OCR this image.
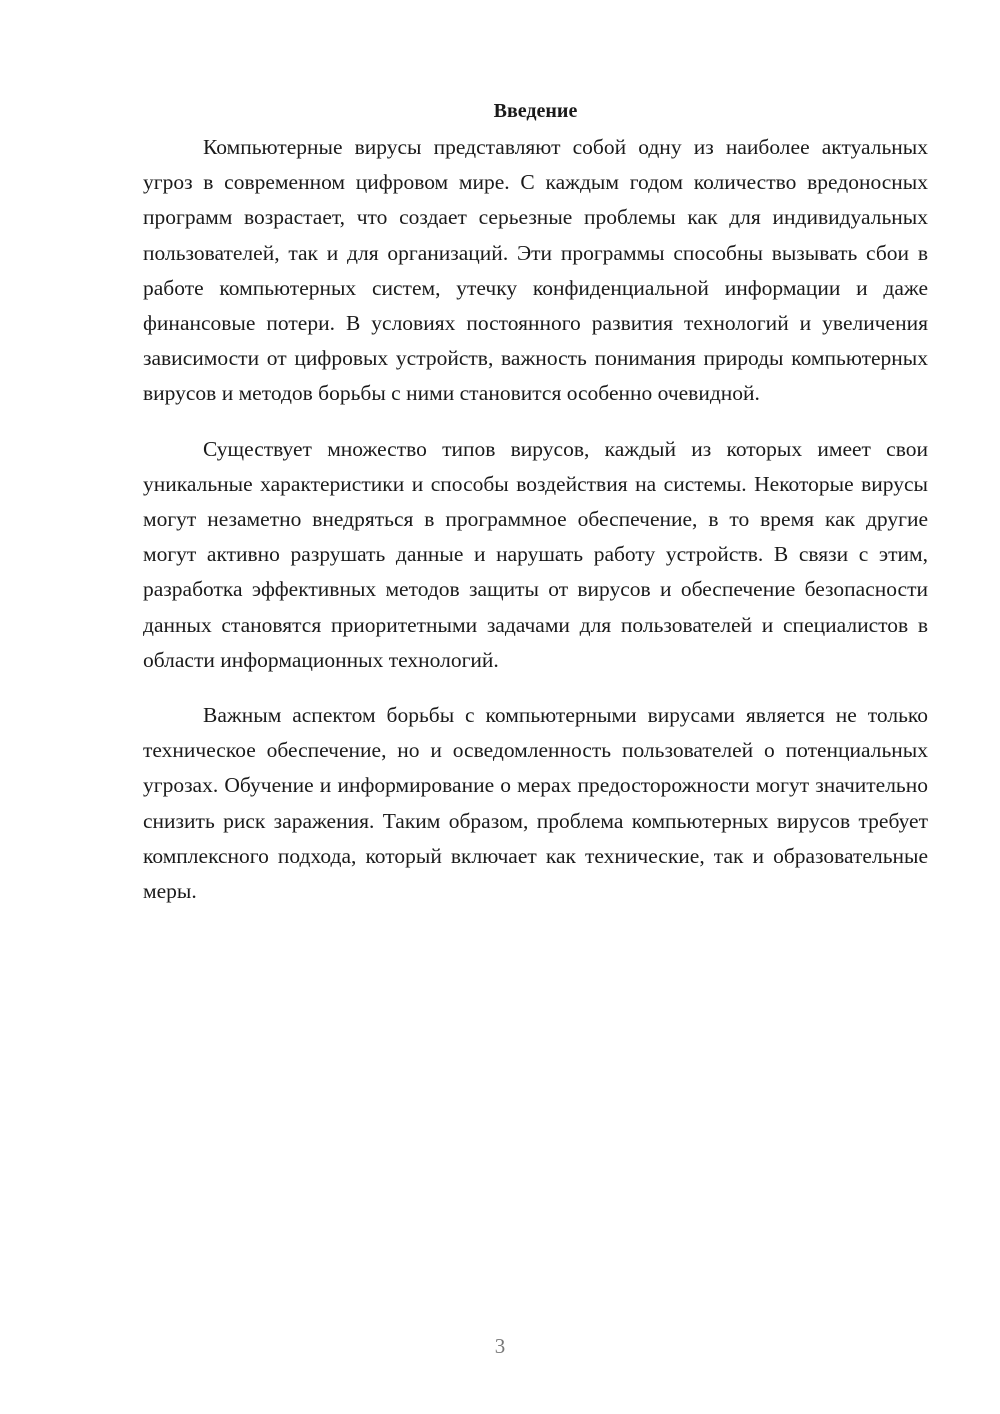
Введение

Компьютерные вирусы представляют собой одну из наиболее актуальных угроз в современном цифровом мире. С каждым годом количество вредоносных программ возрастает, что создает серьезные проблемы как для индивидуальных пользователей, так и для организаций. Эти программы способны вызывать сбои в работе компьютерных систем, утечку конфиденциальной информации и даже финансовые потери. В условиях постоянного развития технологий и увеличения зависимости от цифровых устройств, важность понимания природы компьютерных вирусов и методов борьбы с ними становится особенно очевидной.

Существует множество типов вирусов, каждый из которых имеет свои уникальные характеристики и способы воздействия на системы. Некоторые вирусы могут незаметно внедряться в программное обеспечение, в то время как другие могут активно разрушать данные и нарушать работу устройств. В связи с этим, разработка эффективных методов защиты от вирусов и обеспечение безопасности данных становятся приоритетными задачами для пользователей и специалистов в области информационных технологий.

Важным аспектом борьбы с компьютерными вирусами является не только техническое обеспечение, но и осведомленность пользователей о потенциальных угрозах. Обучение и информирование о мерах предосторожности могут значительно снизить риск заражения. Таким образом, проблема компьютерных вирусов требует комплексного подхода, который включает как технические, так и образовательные меры.

3
